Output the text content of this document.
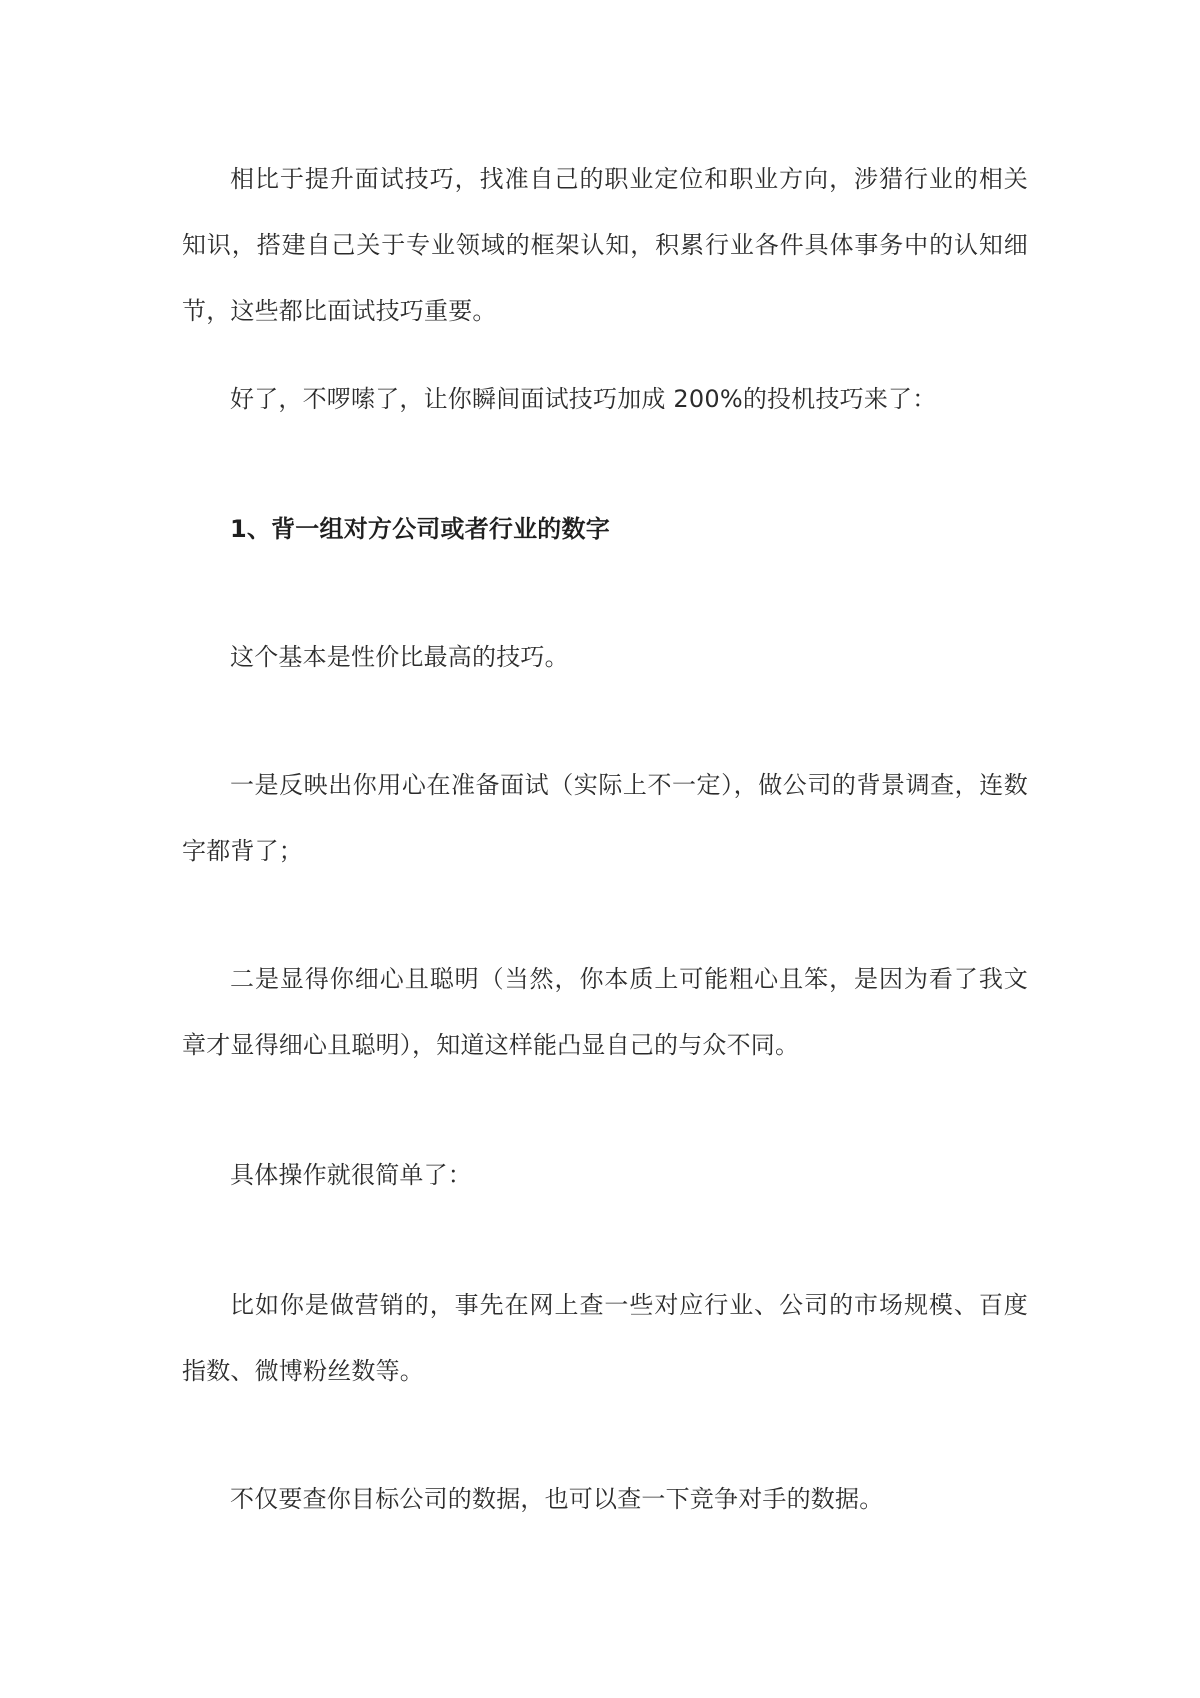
相比于提升面试技巧，找准自己的职业定位和职业方向，涉猎行业的相关知识，搭建自己关于专业领域的框架认知，积累行业各件具体事务中的认知细节，这些都比面试技巧重要。

好了，不啰嗦了，让你瞬间面试技巧加成 200%的投机技巧来了：

1、背一组对方公司或者行业的数字

这个基本是性价比最高的技巧。

一是反映出你用心在准备面试（实际上不一定），做公司的背景调查，连数字都背了；

二是显得你细心且聪明（当然，你本质上可能粗心且笨，是因为看了我文章才显得细心且聪明），知道这样能凸显自己的与众不同。

具体操作就很简单了：

比如你是做营销的，事先在网上查一些对应行业、公司的市场规模、百度指数、微博粉丝数等。

不仅要查你目标公司的数据，也可以查一下竞争对手的数据。
